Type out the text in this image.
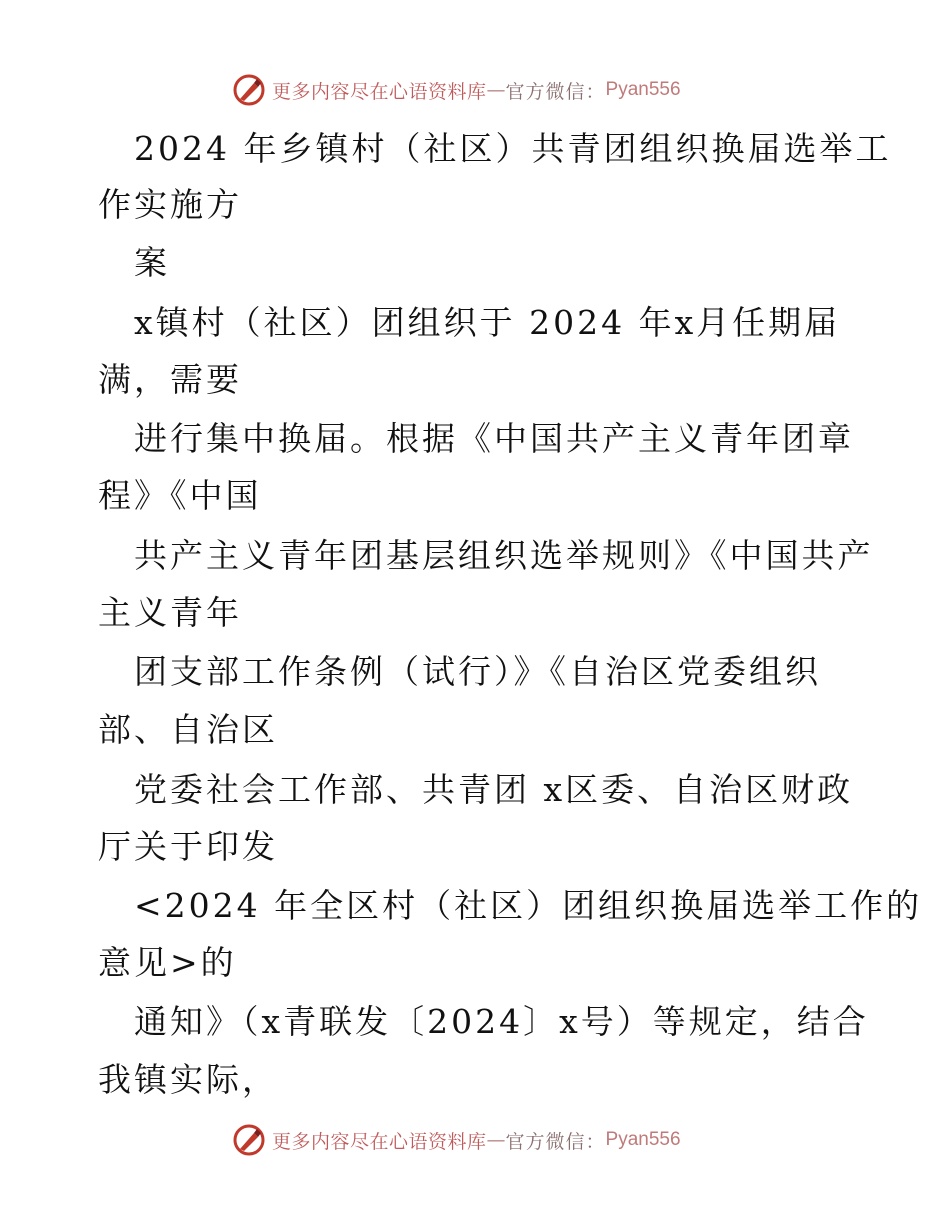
更多内容尽在心语资料库 — 官方微信： Pyan556
2024 年乡镇村（社区）共青团组织换届选举工
作实施方
案
x镇村（社区）团组织于 2024 年x月任期届
满，需要
进行集中换届。根据《中国共产主义青年团章
程》《中国
共产主义青年团基层组织选举规则》《中国共产
主义青年
团支部工作条例（试行）》《自治区党委组织
部、自治区
党委社会工作部、共青团 x区委、自治区财政
厅关于印发
<2024 年全区村（社区）团组织换届选举工作的
意见>的
通知》（x青联发〔2024〕x号）等规定，结合
我镇实际，
更多内容尽在心语资料库 — 官方微信： Pyan556
